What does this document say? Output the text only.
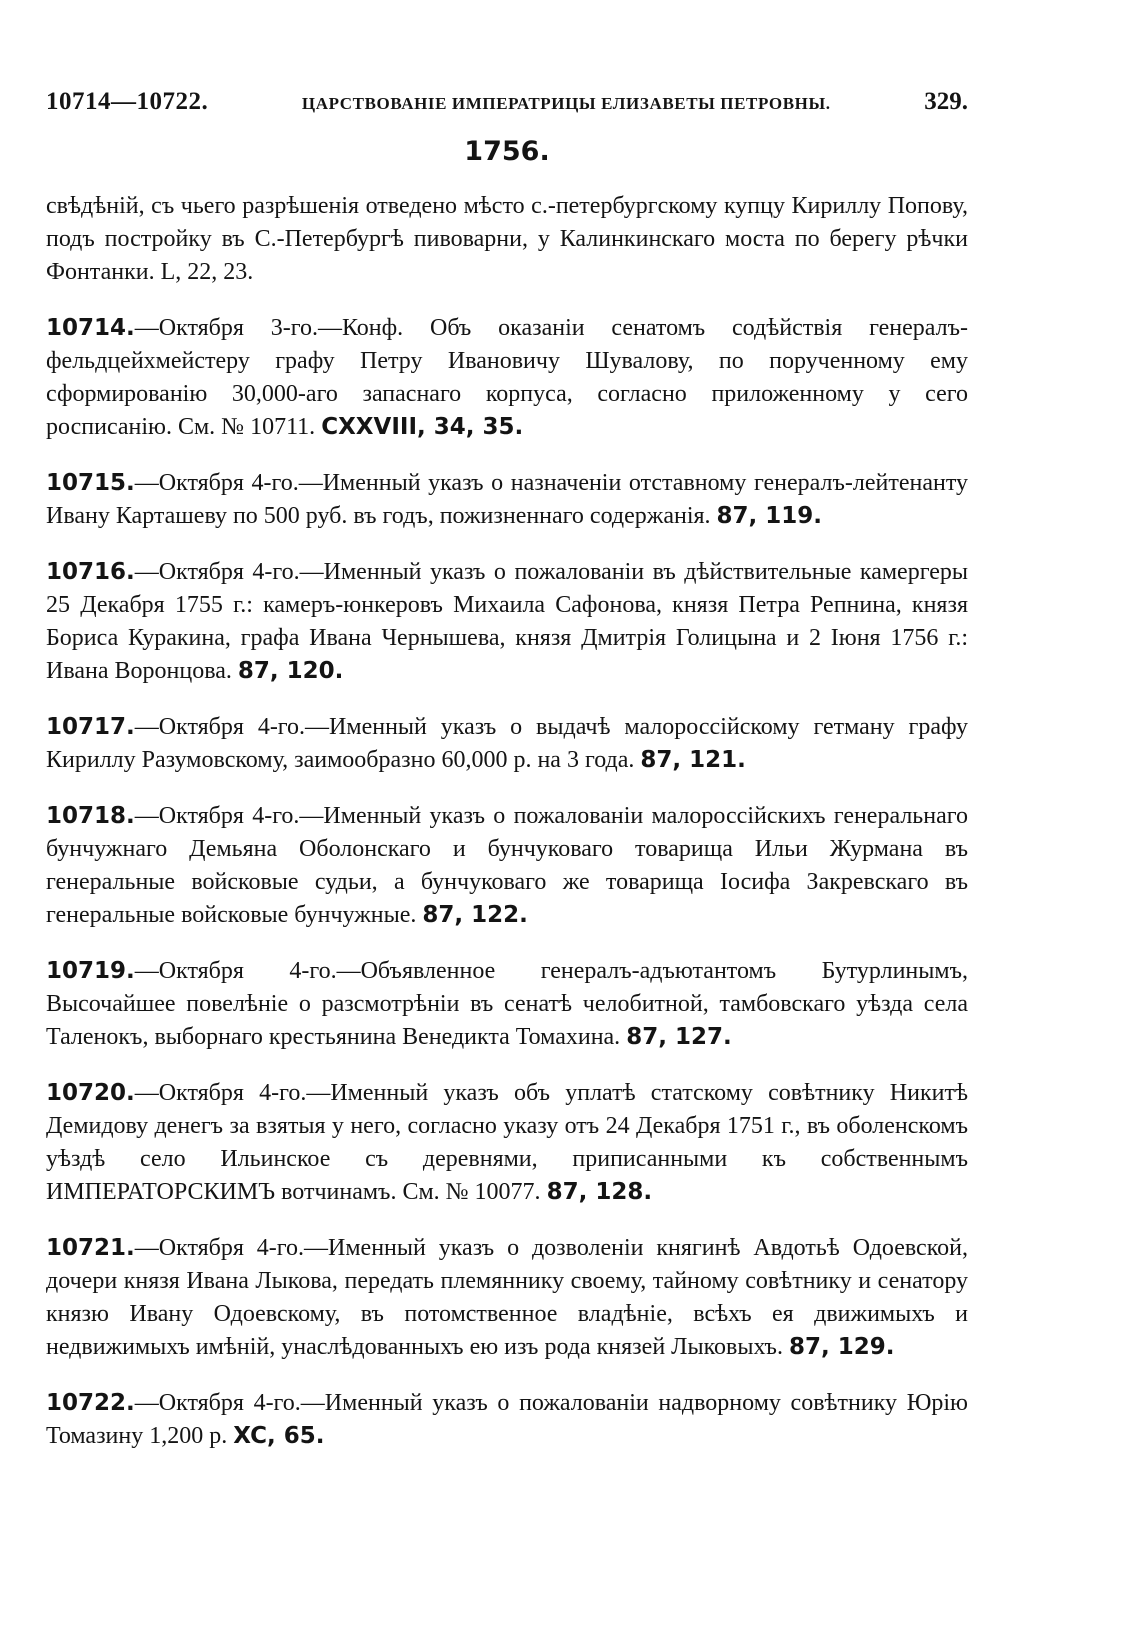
10714—10722.	ЦАРСТВОВАНІЕ ИМПЕРАТРИЦЫ ЕЛИЗАВЕТЫ ПЕТРОВНЫ.	329.
1756.

свѣдѣній, съ чьего разрѣшенія отведено мѣсто с.-петербургскому купцу Кириллу Попову, подъ постройку въ С.-Петербургѣ пивоварни, у Калинкинскаго моста по берегу рѣчки Фонтанки. L, 22, 23.

10714.—Октября 3-го.—Конф. Объ оказаніи сенатомъ содѣйствія генералъ-фельдцейхмейстеру графу Петру Ивановичу Шувалову, по порученному ему сформированію 30,000-аго запаснаго корпуса, согласно приложенному у сего росписанію. См. № 10711. CXXVIII, 34, 35.

10715.—Октября 4-го.—Именный указъ о назначеніи отставному генералъ-лейтенанту Ивану Карташеву по 500 руб. въ годъ, пожизненнаго содержанія. 87, 119.

10716.—Октября 4-го.—Именный указъ о пожалованіи въ дѣйствительные камергеры 25 Декабря 1755 г.: камеръ-юнкеровъ Михаила Сафонова, князя Петра Репнина, князя Бориса Куракина, графа Ивана Чернышева, князя Дмитрія Голицына и 2 Іюня 1756 г.: Ивана Воронцова. 87, 120.

10717.—Октября 4-го.—Именный указъ о выдачѣ малороссійскому гетману графу Кириллу Разумовскому, заимообразно 60,000 р. на 3 года. 87, 121.

10718.—Октября 4-го.—Именный указъ о пожалованіи малороссійскихъ генеральнаго бунчужнаго Демьяна Оболонскаго и бунчуковаго товарища Ильи Журмана въ генеральные войсковые судьи, а бунчуковаго же товарища Іосифа Закревскаго въ генеральные войсковые бунчужные. 87, 122.

10719.—Октября 4-го.—Объявленное генералъ-адъютантомъ Бутурлинымъ, Высочайшее повелѣніе о разсмотрѣніи въ сенатѣ челобитной, тамбовскаго уѣзда села Таленокъ, выборнаго крестьянина Венедикта Томахина. 87, 127.

10720.—Октября 4-го.—Именный указъ объ уплатѣ статскому совѣтнику Никитѣ Демидову денегъ за взятыя у него, согласно указу отъ 24 Декабря 1751 г., въ оболенскомъ уѣздѣ село Ильинское съ деревнями, приписанными къ собственнымъ ИМПЕРАТОРСКИМЪ вотчинамъ. См. № 10077. 87, 128.

10721.—Октября 4-го.—Именный указъ о дозволеніи княгинѣ Авдотьѣ Одоевской, дочери князя Ивана Лыкова, передать племяннику своему, тайному совѣтнику и сенатору князю Ивану Одоевскому, въ потомственное владѣніе, всѣхъ ея движимыхъ и недвижимыхъ имѣній, унаслѣдованныхъ ею изъ рода князей Лыковыхъ. 87, 129.

10722.—Октября 4-го.—Именный указъ о пожалованіи надворному совѣтнику Юрію Томазину 1,200 р. XC, 65.
